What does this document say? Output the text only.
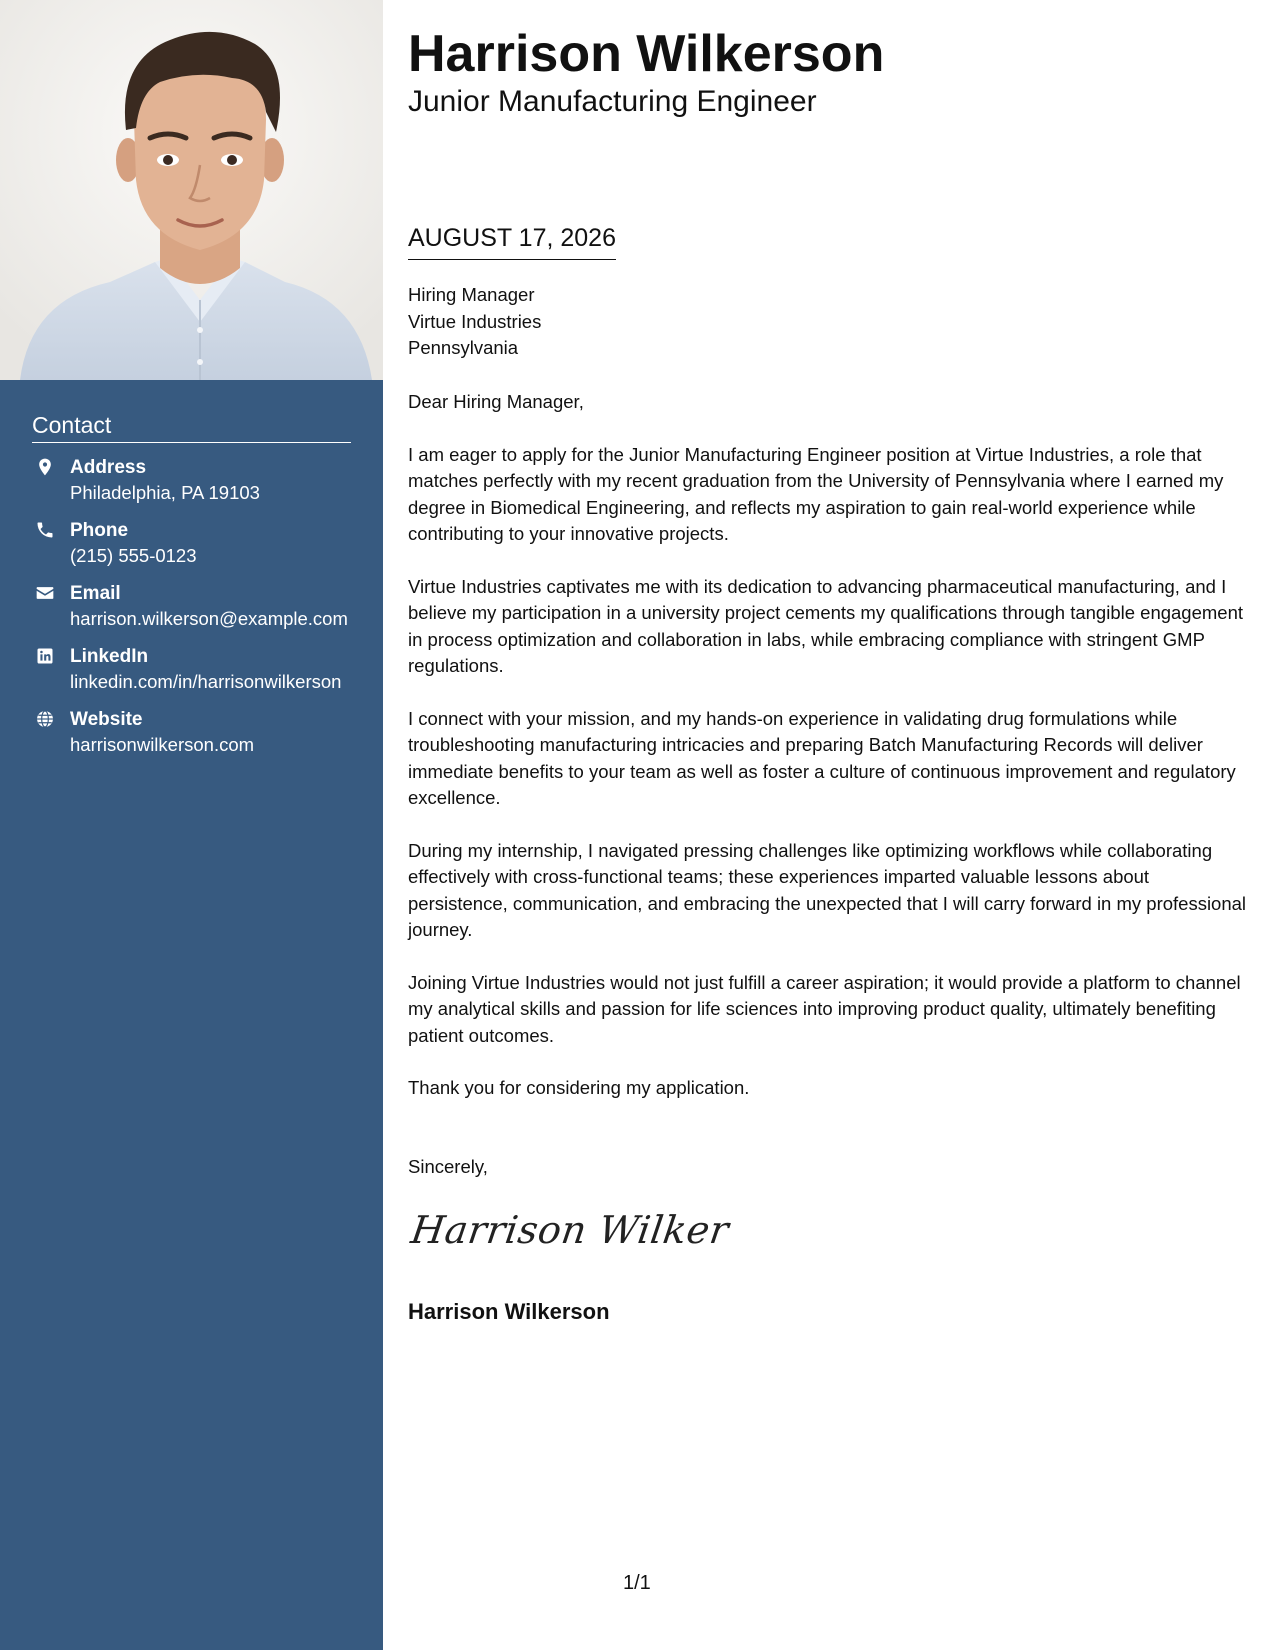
Contact
Address
Philadelphia, PA 19103
Phone
(215) 555-0123
Email
harrison.wilkerson@example.com
LinkedIn
linkedin.com/in/harrisonwilkerson
Website
harrisonwilkerson.com
Harrison Wilkerson
Junior Manufacturing Engineer
AUGUST 17, 2026
Hiring Manager
Virtue Industries
Pennsylvania

Dear Hiring Manager,

I am eager to apply for the Junior Manufacturing Engineer position at Virtue Industries, a role that matches perfectly with my recent graduation from the University of Pennsylvania where I earned my degree in Biomedical Engineering, and reflects my aspiration to gain real-world experience while contributing to your innovative projects.

Virtue Industries captivates me with its dedication to advancing pharmaceutical manufacturing, and I believe my participation in a university project cements my qualifications through tangible engagement in process optimization and collaboration in labs, while embracing compliance with stringent GMP regulations.

I connect with your mission, and my hands-on experience in validating drug formulations while troubleshooting manufacturing intricacies and preparing Batch Manufacturing Records will deliver immediate benefits to your team as well as foster a culture of continuous improvement and regulatory excellence.

During my internship, I navigated pressing challenges like optimizing workflows while collaborating effectively with cross-functional teams; these experiences imparted valuable lessons about persistence, communication, and embracing the unexpected that I will carry forward in my professional journey.

Joining Virtue Industries would not just fulfill a career aspiration; it would provide a platform to channel my analytical skills and passion for life sciences into improving product quality, ultimately benefiting patient outcomes.

Thank you for considering my application.

Sincerely,
Harrison Wilker
Harrison Wilkerson
1/1
